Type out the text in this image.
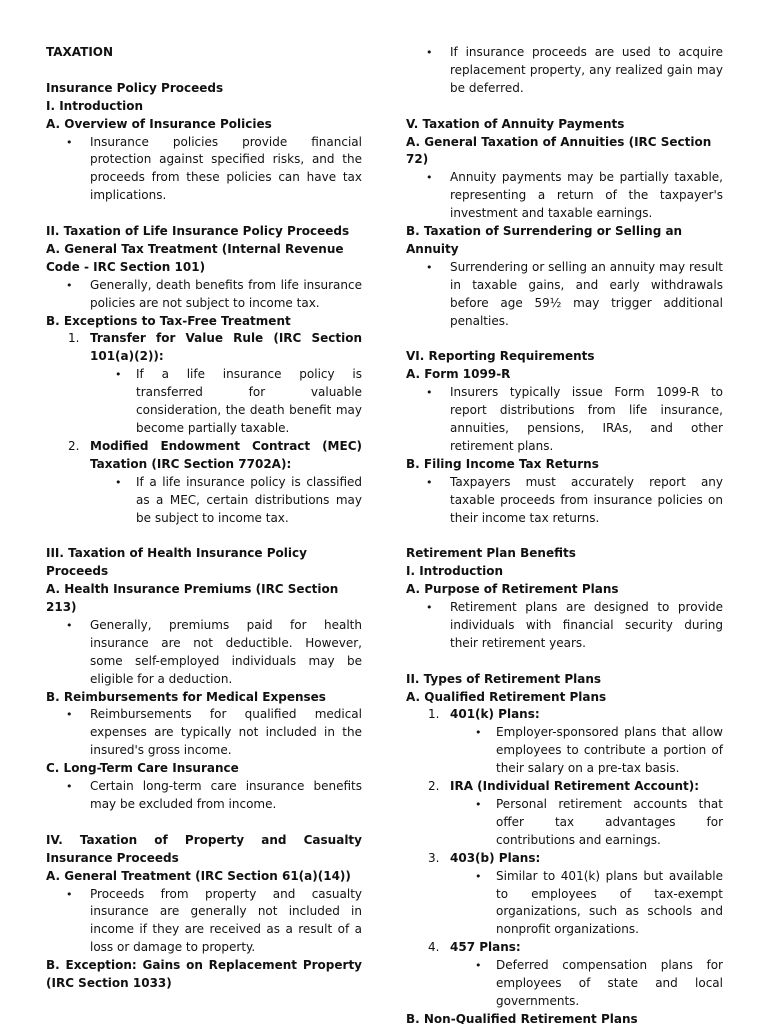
TAXATION
Insurance Policy Proceeds
I. Introduction
A. Overview of Insurance Policies
• Insurance policies provide financial protection against specified risks, and the proceeds from these policies can have tax implications.
II. Taxation of Life Insurance Policy Proceeds
A. General Tax Treatment (Internal Revenue Code - IRC Section 101)
• Generally, death benefits from life insurance policies are not subject to income tax.
B. Exceptions to Tax-Free Treatment
1. Transfer for Value Rule (IRC Section 101(a)(2)):
• If a life insurance policy is transferred for valuable consideration, the death benefit may become partially taxable.
2. Modified Endowment Contract (MEC) Taxation (IRC Section 7702A):
• If a life insurance policy is classified as a MEC, certain distributions may be subject to income tax.
III. Taxation of Health Insurance Policy Proceeds
A. Health Insurance Premiums (IRC Section 213)
• Generally, premiums paid for health insurance are not deductible. However, some self-employed individuals may be eligible for a deduction.
B. Reimbursements for Medical Expenses
• Reimbursements for qualified medical expenses are typically not included in the insured's gross income.
C. Long-Term Care Insurance
• Certain long-term care insurance benefits may be excluded from income.
IV. Taxation of Property and Casualty Insurance Proceeds
A. General Treatment (IRC Section 61(a)(14))
• Proceeds from property and casualty insurance are generally not included in income if they are received as a result of a loss or damage to property.
B. Exception: Gains on Replacement Property (IRC Section 1033)
• If insurance proceeds are used to acquire replacement property, any realized gain may be deferred.
V. Taxation of Annuity Payments
A. General Taxation of Annuities (IRC Section 72)
• Annuity payments may be partially taxable, representing a return of the taxpayer's investment and taxable earnings.
B. Taxation of Surrendering or Selling an Annuity
• Surrendering or selling an annuity may result in taxable gains, and early withdrawals before age 59½ may trigger additional penalties.
VI. Reporting Requirements
A. Form 1099-R
• Insurers typically issue Form 1099-R to report distributions from life insurance, annuities, pensions, IRAs, and other retirement plans.
B. Filing Income Tax Returns
• Taxpayers must accurately report any taxable proceeds from insurance policies on their income tax returns.
Retirement Plan Benefits
I. Introduction
A. Purpose of Retirement Plans
• Retirement plans are designed to provide individuals with financial security during their retirement years.
II. Types of Retirement Plans
A. Qualified Retirement Plans
1. 401(k) Plans:
• Employer-sponsored plans that allow employees to contribute a portion of their salary on a pre-tax basis.
2. IRA (Individual Retirement Account):
• Personal retirement accounts that offer tax advantages for contributions and earnings.
3. 403(b) Plans:
• Similar to 401(k) plans but available to employees of tax-exempt organizations, such as schools and nonprofit organizations.
4. 457 Plans:
• Deferred compensation plans for employees of state and local governments.
B. Non-Qualified Retirement Plans
